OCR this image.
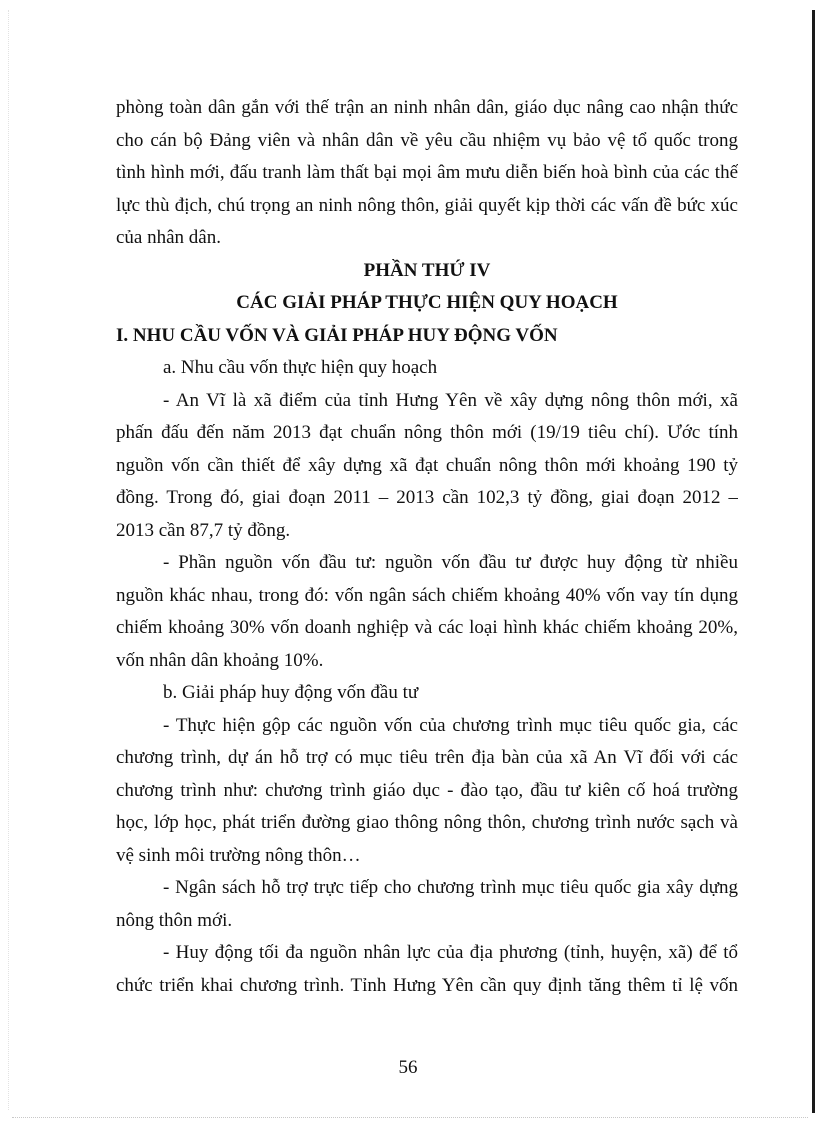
phòng toàn dân gắn với thế trận an ninh nhân dân, giáo dục nâng cao nhận thức
cho cán bộ Đảng viên và nhân dân về yêu cầu nhiệm vụ bảo vệ tổ quốc trong
tình hình mới, đấu tranh làm thất bại mọi âm mưu diễn biến hoà bình của các thế
lực thù địch, chú trọng an ninh nông thôn, giải quyết kịp thời các vấn đề bức xúc
của nhân dân.

PHẦN THỨ IV

CÁC GIẢI PHÁP THỰC HIỆN QUY HOẠCH

I. NHU CẦU VỐN VÀ GIẢI PHÁP HUY ĐỘNG VỐN

a. Nhu cầu vốn thực hiện quy hoạch
- An Vĩ là xã điểm của tỉnh Hưng Yên về xây dựng nông thôn mới, xã
phấn đấu đến năm 2013 đạt chuẩn nông thôn mới (19/19 tiêu chí). Ước tính
nguồn vốn cần thiết để xây dựng xã đạt chuẩn nông thôn mới khoảng 190 tỷ
đồng. Trong đó, giai đoạn 2011 – 2013 cần 102,3 tỷ đồng, giai đoạn 2012 –
2013 cần 87,7 tỷ đồng.
- Phần nguồn vốn đầu tư: nguồn vốn đầu tư được huy động từ nhiều
nguồn khác nhau, trong đó: vốn ngân sách chiếm khoảng 40% vốn vay tín dụng
chiếm khoảng 30% vốn doanh nghiệp và các loại hình khác chiếm khoảng 20%,
vốn nhân dân khoảng 10%.
b. Giải pháp huy động vốn đầu tư
- Thực hiện gộp các nguồn vốn của chương trình mục tiêu quốc gia, các
chương trình, dự án hỗ trợ có mục tiêu trên địa bàn của xã An Vĩ đối với các
chương trình như: chương trình giáo dục - đào tạo, đầu tư kiên cố hoá trường
học, lớp học, phát triển đường giao thông nông thôn, chương trình nước sạch và
vệ sinh môi trường nông thôn…
- Ngân sách hỗ trợ trực tiếp cho chương trình mục tiêu quốc gia xây dựng
nông thôn mới.
- Huy động tối đa nguồn nhân lực của địa phương (tỉnh, huyện, xã) để tổ
chức triển khai chương trình. Tỉnh Hưng Yên cần quy định tăng thêm tỉ lệ vốn
56
